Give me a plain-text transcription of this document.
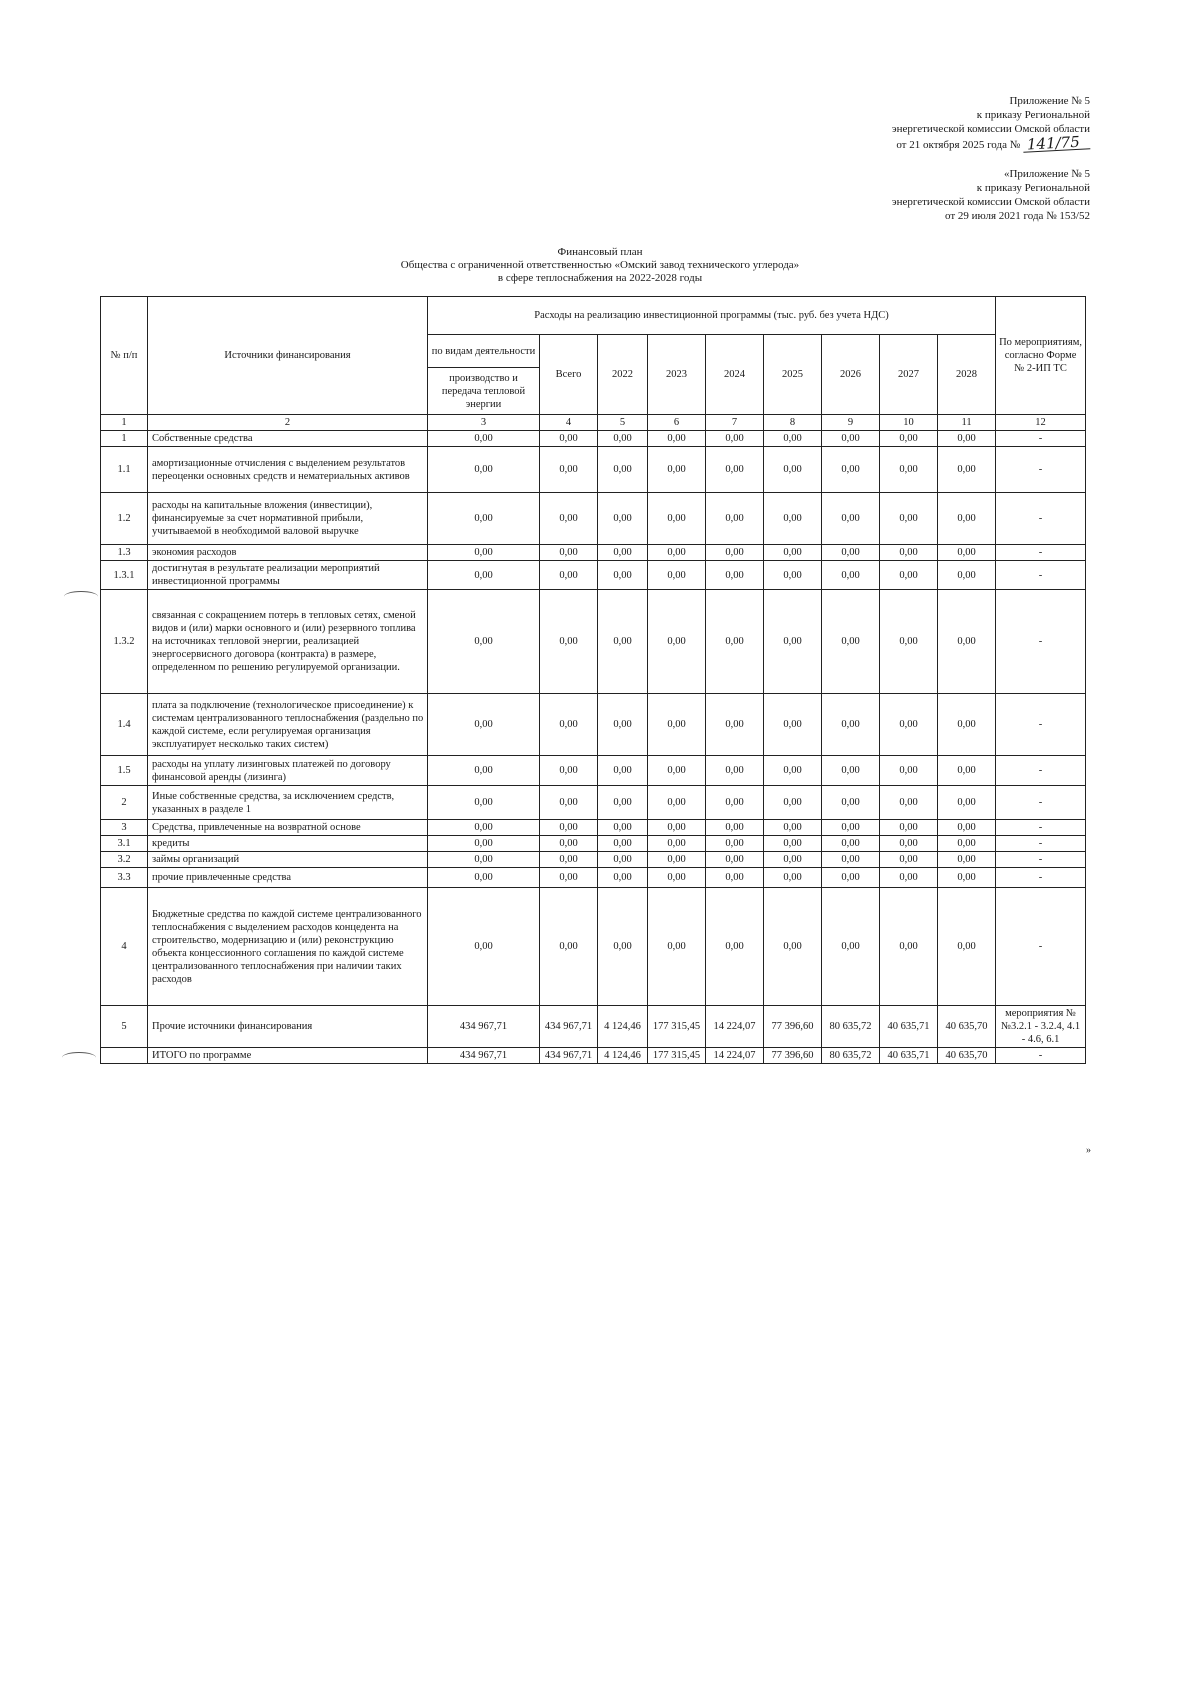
Приложение № 5
к приказу Региональной
энергетической комиссии Омской области
от 21 октября 2025 года № 141/75
«Приложение № 5
к приказу Региональной
энергетической комиссии Омской области
от 29 июля 2021 года № 153/52
Финансовый план
Общества с ограниченной ответственностью «Омский завод технического углерода»
в сфере теплоснабжения на 2022-2028 годы
№ п/п	Источники финансирования	Расходы на реализацию инвестиционной программы (тыс. руб. без учета НДС)									По мероприятиям, согласно Форме № 2-ИП ТС
		по видам деятельности	Всего	2022	2023	2024	2025	2026	2027	2028	
		производство и передача тепловой энергии									
1	2	3	4	5	6	7	8	9	10	11	12
1	Собственные средства	0,00	0,00	0,00	0,00	0,00	0,00	0,00	0,00	0,00	-
1.1	амортизационные отчисления с выделением результатов переоценки основных средств и нематериальных активов	0,00	0,00	0,00	0,00	0,00	0,00	0,00	0,00	0,00	-
1.2	расходы на капитальные вложения (инвестиции), финансируемые за счет нормативной прибыли, учитываемой в необходимой валовой выручке	0,00	0,00	0,00	0,00	0,00	0,00	0,00	0,00	0,00	-
1.3	экономия расходов	0,00	0,00	0,00	0,00	0,00	0,00	0,00	0,00	0,00	-
1.3.1	достигнутая в результате реализации мероприятий инвестиционной программы	0,00	0,00	0,00	0,00	0,00	0,00	0,00	0,00	0,00	-
1.3.2	связанная с сокращением потерь в тепловых сетях, сменой видов и (или) марки основного и (или) резервного топлива на источниках тепловой энергии, реализацией энергосервисного договора (контракта) в размере, определенном по решению регулируемой организации.	0,00	0,00	0,00	0,00	0,00	0,00	0,00	0,00	0,00	-
1.4	плата за подключение (технологическое присоединение) к системам централизованного теплоснабжения (раздельно по каждой системе, если регулируемая организация эксплуатирует несколько таких систем)	0,00	0,00	0,00	0,00	0,00	0,00	0,00	0,00	0,00	-
1.5	расходы на уплату лизинговых платежей по договору финансовой аренды (лизинга)	0,00	0,00	0,00	0,00	0,00	0,00	0,00	0,00	0,00	-
2	Иные собственные средства, за исключением средств, указанных в разделе 1	0,00	0,00	0,00	0,00	0,00	0,00	0,00	0,00	0,00	-
3	Средства, привлеченные на возвратной основе	0,00	0,00	0,00	0,00	0,00	0,00	0,00	0,00	0,00	-
3.1	кредиты	0,00	0,00	0,00	0,00	0,00	0,00	0,00	0,00	0,00	-
3.2	займы организаций	0,00	0,00	0,00	0,00	0,00	0,00	0,00	0,00	0,00	-
3.3	прочие привлеченные средства	0,00	0,00	0,00	0,00	0,00	0,00	0,00	0,00	0,00	-
4	Бюджетные средства по каждой системе централизованного теплоснабжения с выделением расходов концедента на строительство, модернизацию и (или) реконструкцию объекта концессионного соглашения по каждой системе централизованного теплоснабжения при наличии таких расходов	0,00	0,00	0,00	0,00	0,00	0,00	0,00	0,00	0,00	-
5	Прочие источники финансирования	434 967,71	434 967,71	4 124,46	177 315,45	14 224,07	77 396,60	80 635,72	40 635,71	40 635,70	мероприятия №№3.2.1 - 3.2.4, 4.1 - 4.6, 6.1
	ИТОГО по программе	434 967,71	434 967,71	4 124,46	177 315,45	14 224,07	77 396,60	80 635,72	40 635,71	40 635,70	-
»
